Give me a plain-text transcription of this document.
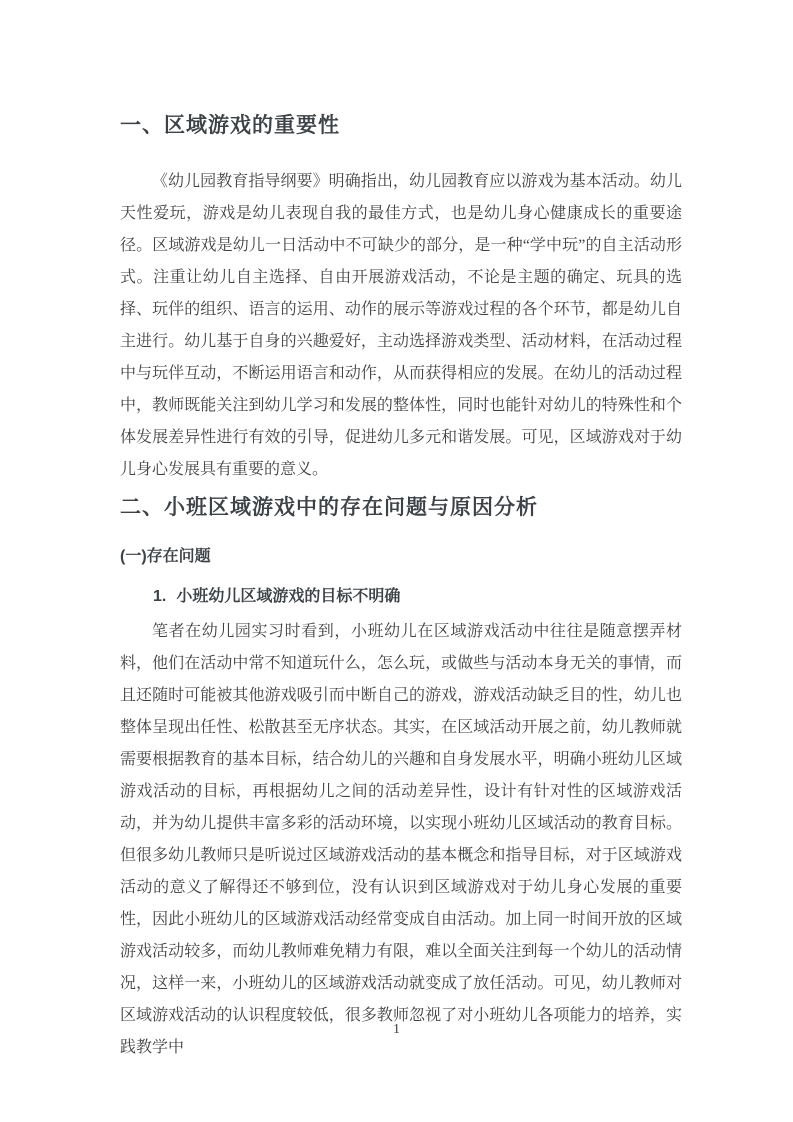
一、区域游戏的重要性

《幼儿园教育指导纲要》明确指出，幼儿园教育应以游戏为基本活动。幼儿天性爱玩，游戏是幼儿表现自我的最佳方式，也是幼儿身心健康成长的重要途径。区域游戏是幼儿一日活动中不可缺少的部分，是一种“学中玩”的自主活动形式。注重让幼儿自主选择、自由开展游戏活动，不论是主题的确定、玩具的选择、玩伴的组织、语言的运用、动作的展示等游戏过程的各个环节，都是幼儿自主进行。幼儿基于自身的兴趣爱好，主动选择游戏类型、活动材料，在活动过程中与玩伴互动，不断运用语言和动作，从而获得相应的发展。在幼儿的活动过程中，教师既能关注到幼儿学习和发展的整体性，同时也能针对幼儿的特殊性和个体发展差异性进行有效的引导，促进幼儿多元和谐发展。可见，区域游戏对于幼儿身心发展具有重要的意义。

二、小班区域游戏中的存在问题与原因分析
(一)存在问题
1. 小班幼儿区域游戏的目标不明确

笔者在幼儿园实习时看到，小班幼儿在区域游戏活动中往往是随意摆弄材料，他们在活动中常不知道玩什么，怎么玩，或做些与活动本身无关的事情，而且还随时可能被其他游戏吸引而中断自己的游戏，游戏活动缺乏目的性，幼儿也整体呈现出任性、松散甚至无序状态。其实，在区域活动开展之前，幼儿教师就需要根据教育的基本目标，结合幼儿的兴趣和自身发展水平，明确小班幼儿区域游戏活动的目标，再根据幼儿之间的活动差异性，设计有针对性的区域游戏活动，并为幼儿提供丰富多彩的活动环境，以实现小班幼儿区域活动的教育目标。但很多幼儿教师只是听说过区域游戏活动的基本概念和指导目标，对于区域游戏活动的意义了解得还不够到位，没有认识到区域游戏对于幼儿身心发展的重要性，因此小班幼儿的区域游戏活动经常变成自由活动。加上同一时间开放的区域游戏活动较多，而幼儿教师难免精力有限，难以全面关注到每一个幼儿的活动情况，这样一来，小班幼儿的区域游戏活动就变成了放任活动。可见，幼儿教师对区域游戏活动的认识程度较低，很多教师忽视了对小班幼儿各项能力的培养，实践教学中

1
